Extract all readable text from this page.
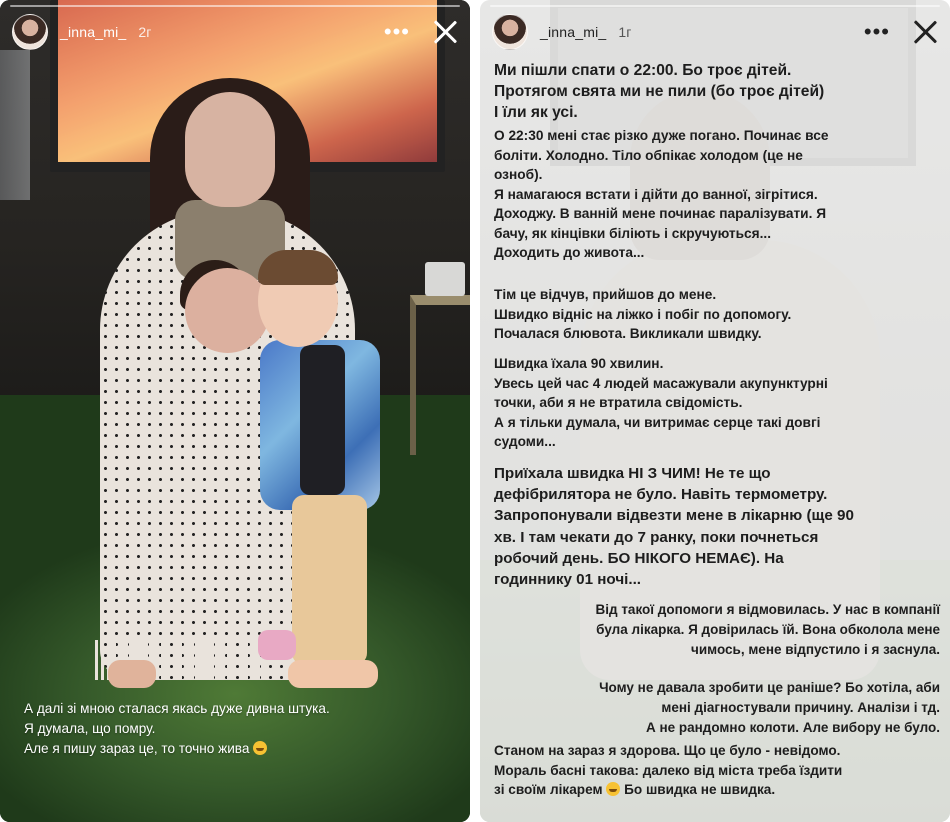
_inna_mi_ 2г	•••
А далі зі мною сталася якась дуже дивна штука.
Я думала, що помру.
Але я пишу зараз це, то точно жива
_inna_mi_ 1г	•••
Ми пішли спати о 22:00. Бо троє дітей.
Протягом свята ми не пили (бо троє дітей)
І їли як усі.
О 22:30 мені стає різко дуже погано. Починає все
боліти. Холодно. Тіло обпікає холодом (це не
озноб).
Я намагаюся встати і дійти до ванної, зігрітися.
Доходжу. В ванній мене починає паралізувати. Я
бачу, як кінцівки біліють і скручуються...
Доходить до живота...
Тім це відчув, прийшов до мене.
Швидко відніс на ліжко і побіг по допомогу.
Почалася блювота. Викликали швидку.
Швидка їхала 90 хвилин.
Увесь цей час 4 людей масажували акупунктурні
точки, аби я не втратила свідомість.
А я тільки думала, чи витримає серце такі довгі
судоми...
Приїхала швидка НІ З ЧИМ! Не те що
дефібрилятора не було. Навіть термометру.
Запропонували відвезти мене в лікарню (ще 90
хв. І там чекати до 7 ранку, поки почнеться
робочий день. БО НІКОГО НЕМАЄ). На
годиннику 01 ночі...
Від такої допомоги я відмовилась. У нас в компанії
була лікарка. Я довірилась їй. Вона обколола мене
чимось, мене відпустило і я заснула.
Чому не давала зробити це раніше? Бо хотіла, аби
мені діагностували причину. Аналізи і тд.
А не рандомно колоти. Але вибору не було.
Станом на зараз я здорова. Що це було - невідомо.
Мораль басні такова: далеко від міста треба їздити
зі своїм лікарем Бо швидка не швидка.
